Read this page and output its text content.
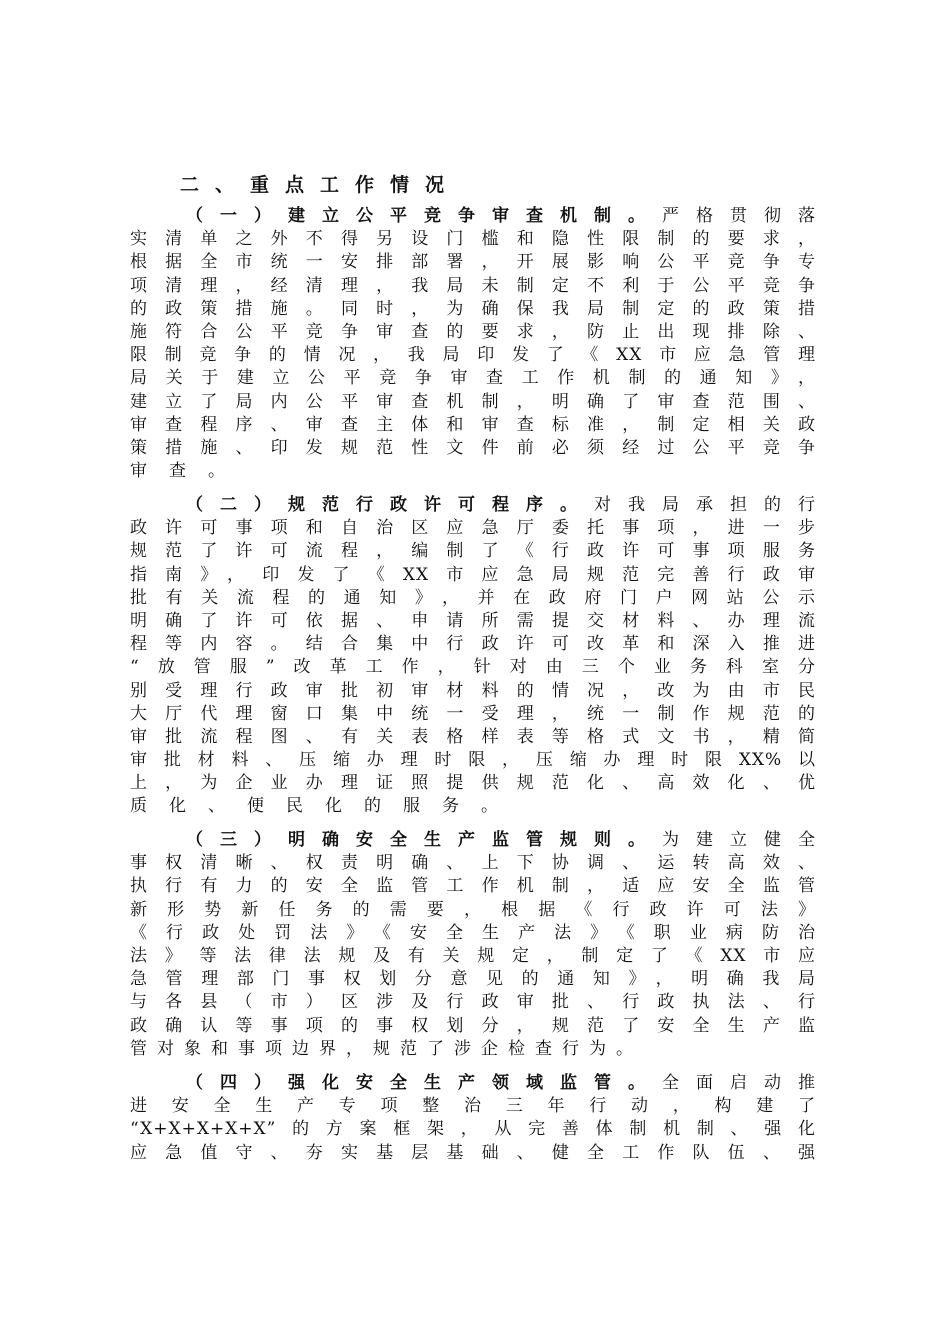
二、重点工作情况
（一）建立公平竞争审查机制。严格贯彻落
实清单之外不得另设门槛和隐性限制的要求，
根据全市统一安排部署，开展影响公平竞争专
项清理，经清理，我局未制定不利于公平竞争
的政策措施。同时，为确保我局制定的政策措
施符合公平竞争审查的要求，防止出现排除、
限制竞争的情况，我局印发了《XX市应急管理
局关于建立公平竞争审查工作机制的通知》，
建立了局内公平审查机制，明确了审查范围、
审查程序、审查主体和审查标准，制定相关政
策措施、印发规范性文件前必须经过公平竞争
审查。
（二）规范行政许可程序。对我局承担的行
政许可事项和自治区应急厅委托事项，进一步
规范了许可流程，编制了《行政许可事项服务
指南》，印发了《XX市应急局规范完善行政审
批有关流程的通知》，并在政府门户网站公示
明确了许可依据、申请所需提交材料、办理流
程等内容。结合集中行政许可改革和深入推进
“放管服”改革工作，针对由三个业务科室分
别受理行政审批初审材料的情况，改为由市民
大厅代理窗口集中统一受理，统一制作规范的
审批流程图、有关表格样表等格式文书，精简
审批材料、压缩办理时限，压缩办理时限XX%以
上，为企业办理证照提供规范化、高效化、优
质化、便民化的服务。
（三）明确安全生产监管规则。为建立健全
事权清晰、权责明确、上下协调、运转高效、
执行有力的安全监管工作机制，适应安全监管
新形势新任务的需要，根据《行政许可法》
《行政处罚法》《安全生产法》《职业病防治
法》等法律法规及有关规定，制定了《XX市应
急管理部门事权划分意见的通知》，明确我局
与各县（市）区涉及行政审批、行政执法、行
政确认等事项的事权划分，规范了安全生产监
管对象和事项边界，规范了涉企检查行为。
（四）强化安全生产领域监管。全面启动推
进安全生产专项整治三年行动，构建了
“X+X+X+X+X”的方案框架，从完善体制机制、强化
应急值守、夯实基层基础、健全工作队伍、强
